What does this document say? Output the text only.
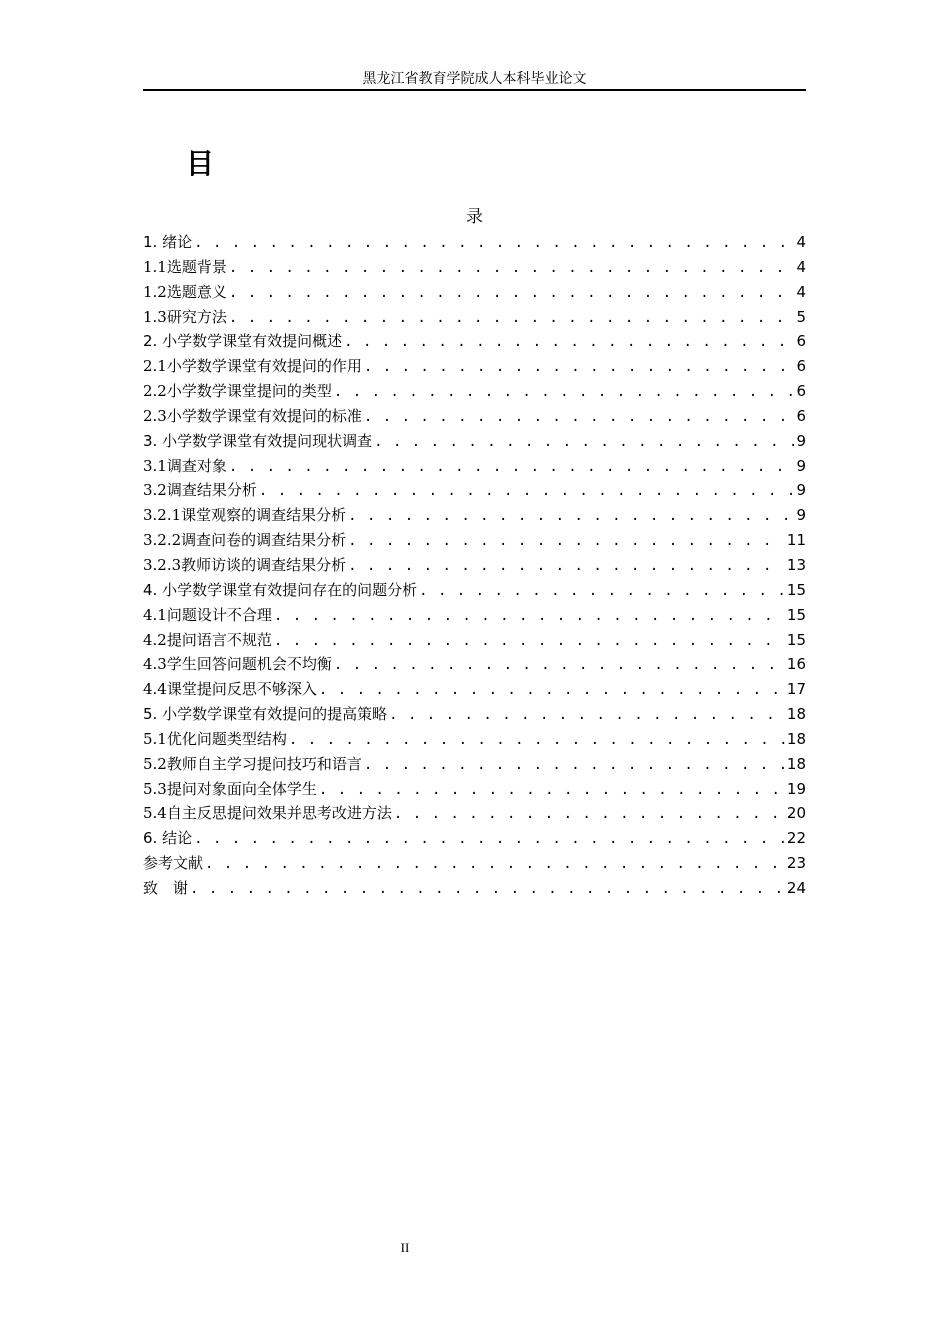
黑龙江省教育学院成人本科毕业论文
目
录
1. 绪论 . . .	4
1.1选题背景 . . .	4
1.2选题意义 . . .	4
1.3研究方法 . . .	5
2. 小学数学课堂有效提问概述 . . .	6
2.1小学数学课堂有效提问的作用 . . .	6
2.2小学数学课堂提问的类型 . . .	6
2.3小学数学课堂有效提问的标准 . . .	6
3. 小学数学课堂有效提问现状调查 . . .	9
3.1调查对象 . . .	9
3.2调查结果分析 . . .	9
3.2.1课堂观察的调查结果分析 . . .	9
3.2.2调查问卷的调查结果分析 . . .	11
3.2.3教师访谈的调查结果分析 . . .	13
4. 小学数学课堂有效提问存在的问题分析 . . .	15
4.1问题设计不合理 . . .	15
4.2提问语言不规范 . . .	15
4.3学生回答问题机会不均衡 . . .	16
4.4课堂提问反思不够深入 . . .	17
5. 小学数学课堂有效提问的提高策略 . . .	18
5.1优化问题类型结构 . . .	18
5.2教师自主学习提问技巧和语言 . . .	18
5.3提问对象面向全体学生 . . .	19
5.4自主反思提问效果并思考改进方法 . . .	20
6. 结论 . . .	22
参考文献 . . .	23
致　谢 . . .	24
II
